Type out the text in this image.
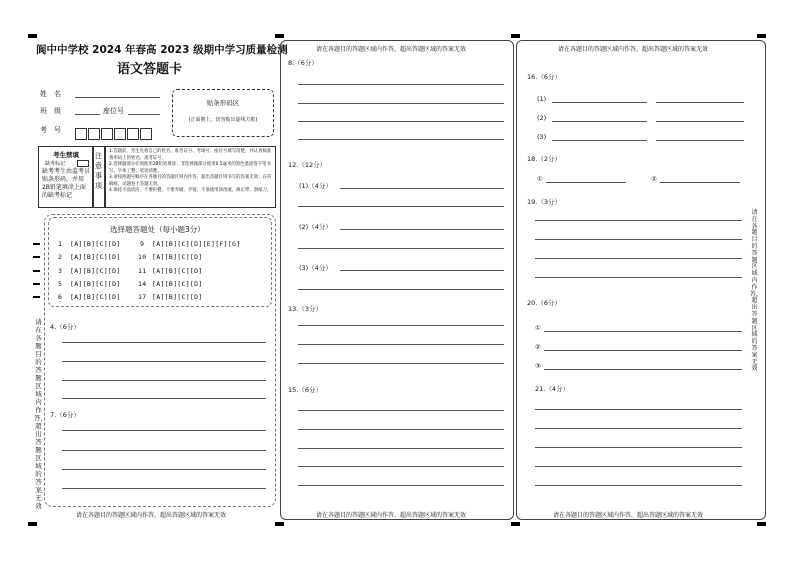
阆中中学校 2024 年春高 2023 级期中学习质量检测
语文答题卡
姓　名
班　级	座位号
考　号
贴条形码区
(正面朝上，切勿贴出虚线方框)
考生禁填
缺考标记
缺考考生由监考员贴条形码，并用2B铅笔填涂上面的缺考标记
注意事项
1.答题前，考生先将自己的姓名、准考证号、考场号、座位号填写清楚，并认真核准条形码上的姓名、准考证号。
2.选择题部分必须使用2B铅笔填涂；非选择题部分使用0.5毫米的黑色墨迹签字笔书写，字体工整、笔迹清楚。
3.请按照题号顺序在各题目的答题区域内作答，超出答题区域书写的答案无效；在草稿纸、试题卷上答题无效。
4.保持卡面清洁，不要折叠、不要弄破、弄皱，不准使用涂改液、修正带、刮纸刀。
选择题答题处（每小题3分）
1 [A][B][C][D]
2 [A][B][C][D]
3 [A][B][C][D]
5 [A][B][C][D]
6 [A][B][C][D]
9 [A][B][C][D][E][F][G]
10 [A][B][C][D]
11 [A][B][C][D]
14 [A][B][C][D]
17 [A][B][C][D]
请在各题目的答题区域内作答，超出答题区域的答案无效
4.（6分）
7.（6分）
请在各题目的答题区域内作答，超出答题区域的答案无效
请在各题目的答题区域内作答，超出答题区域的答案无效
8.（6分）
12.（12分）
(1)（4分）
(2)（4分）
(3)（4分）
13.（3分）
15.（6分）
请在各题目的答题区域内作答，超出答题区域的答案无效
请在各题目的答题区域内作答，超出答题区域的答案无效
16.（6分）
(1)
(2)
(3)
18.（2分）
①	②
19.（3分）
20.（6分）
①
②
③
21.（4分）
请在各题目的答题区域内作答，超出答题区域的答案无效
请在各题目的答题区域内作答，超出答题区域的答案无效
